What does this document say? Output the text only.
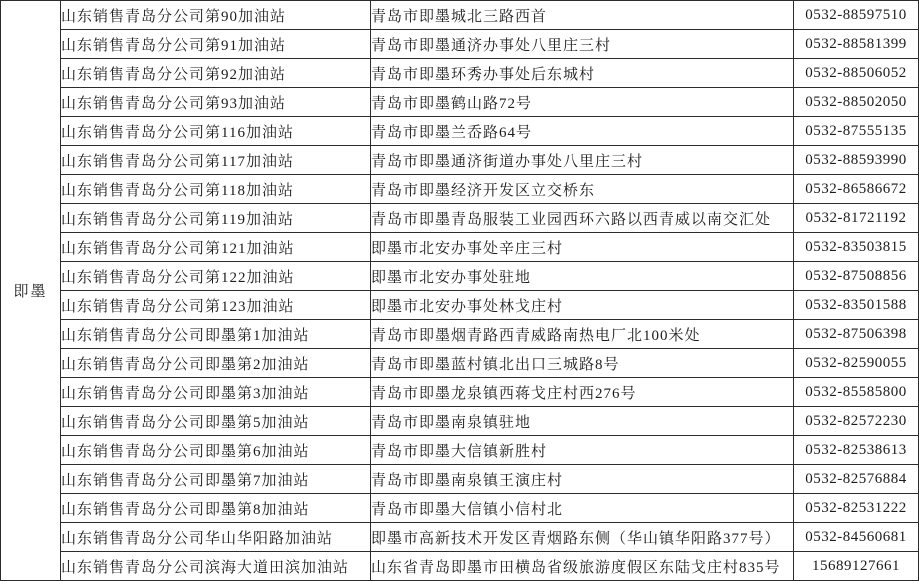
即墨	山东销售青岛分公司第90加油站	青岛市即墨城北三路西首	0532-88597510
	山东销售青岛分公司第91加油站	青岛市即墨通济办事处八里庄三村	0532-88581399
	山东销售青岛分公司第92加油站	青岛市即墨环秀办事处后东城村	0532-88506052
	山东销售青岛分公司第93加油站	青岛市即墨鹤山路72号	0532-88502050
	山东销售青岛分公司第116加油站	青岛市即墨兰岙路64号	0532-87555135
	山东销售青岛分公司第117加油站	青岛市即墨通济街道办事处八里庄三村	0532-88593990
	山东销售青岛分公司第118加油站	青岛市即墨经济开发区立交桥东	0532-86586672
	山东销售青岛分公司第119加油站	青岛市即墨青岛服装工业园西环六路以西青威以南交汇处	0532-81721192
	山东销售青岛分公司第121加油站	即墨市北安办事处辛庄三村	0532-83503815
	山东销售青岛分公司第122加油站	即墨市北安办事处驻地	0532-87508856
	山东销售青岛分公司第123加油站	即墨市北安办事处林戈庄村	0532-83501588
	山东销售青岛分公司即墨第1加油站	青岛市即墨烟青路西青威路南热电厂北100米处	0532-87506398
	山东销售青岛分公司即墨第2加油站	青岛市即墨蓝村镇北出口三城路8号	0532-82590055
	山东销售青岛分公司即墨第3加油站	青岛市即墨龙泉镇西蒋戈庄村西276号	0532-85585800
	山东销售青岛分公司即墨第5加油站	青岛市即墨南泉镇驻地	0532-82572230
	山东销售青岛分公司即墨第6加油站	青岛市即墨大信镇新胜村	0532-82538613
	山东销售青岛分公司即墨第7加油站	青岛市即墨南泉镇王演庄村	0532-82576884
	山东销售青岛分公司即墨第8加油站	青岛市即墨大信镇小信村北	0532-82531222
	山东销售青岛分公司华山华阳路加油站	即墨市高新技术开发区青烟路东侧（华山镇华阳路377号）	0532-84560681
	山东销售青岛分公司滨海大道田滨加油站	山东省青岛即墨市田横岛省级旅游度假区东陆戈庄村835号	15689127661
